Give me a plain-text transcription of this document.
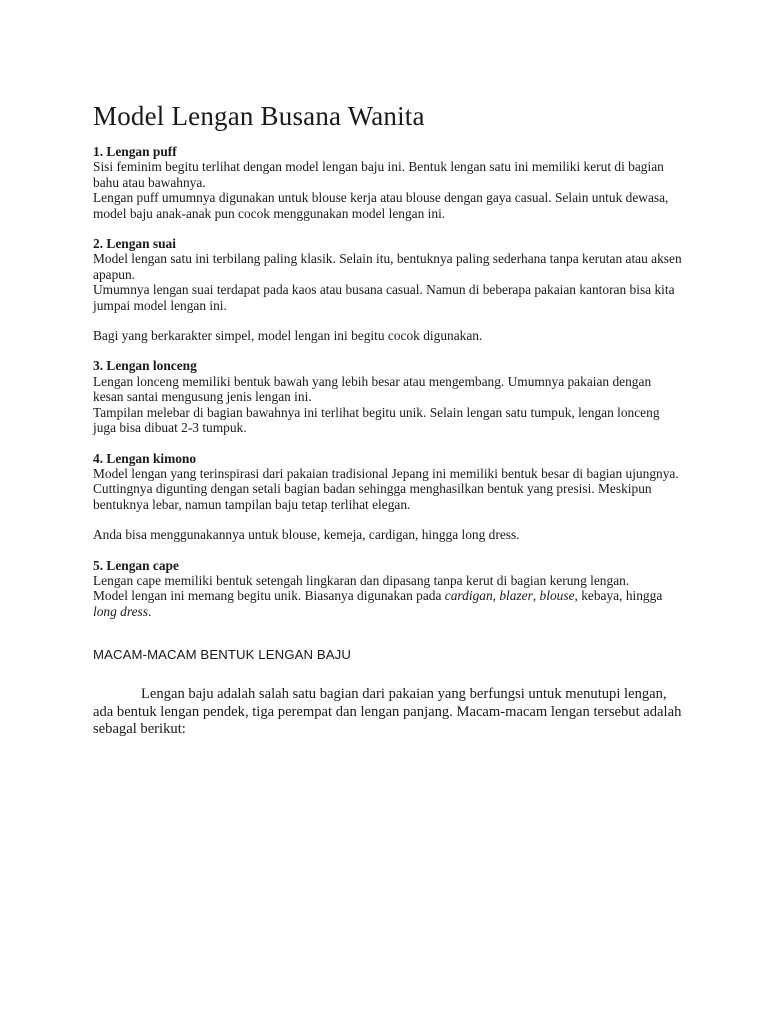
Model Lengan Busana Wanita
1. Lengan puff
Sisi feminim begitu terlihat dengan model lengan baju ini. Bentuk lengan satu ini memiliki kerut di bagian bahu atau bawahnya.
Lengan puff umumnya digunakan untuk blouse kerja atau blouse dengan gaya casual. Selain untuk dewasa, model baju anak-anak pun cocok menggunakan model lengan ini.
2. Lengan suai
Model lengan satu ini terbilang paling klasik. Selain itu, bentuknya paling sederhana tanpa kerutan atau aksen apapun.
Umumnya lengan suai terdapat pada kaos atau busana casual. Namun di beberapa pakaian kantoran bisa kita jumpai model lengan ini.

Bagi yang berkarakter simpel, model lengan ini begitu cocok digunakan.

3. Lengan lonceng
Lengan lonceng memiliki bentuk bawah yang lebih besar atau mengembang. Umumnya pakaian dengan kesan santai mengusung jenis lengan ini.
Tampilan melebar di bagian bawahnya ini terlihat begitu unik. Selain lengan satu tumpuk, lengan lonceng juga bisa dibuat 2-3 tumpuk.
4. Lengan kimono
Model lengan yang terinspirasi dari pakaian tradisional Jepang ini memiliki bentuk besar di bagian ujungnya.
Cuttingnya digunting dengan setali bagian badan sehingga menghasilkan bentuk yang presisi. Meskipun bentuknya lebar, namun tampilan baju tetap terlihat elegan.

Anda bisa menggunakannya untuk blouse, kemeja, cardigan, hingga long dress.

5. Lengan cape
Lengan cape memiliki bentuk setengah lingkaran dan dipasang tanpa kerut di bagian kerung lengan.
Model lengan ini memang begitu unik. Biasanya digunakan pada cardigan, blazer, blouse, kebaya, hingga long dress.
MACAM-MACAM BENTUK LENGAN BAJU

Lengan baju adalah salah satu bagian dari pakaian yang berfungsi untuk menutupi lengan, ada bentuk lengan pendek, tiga perempat dan lengan panjang. Macam-macam lengan tersebut adalah sebagal berikut:
